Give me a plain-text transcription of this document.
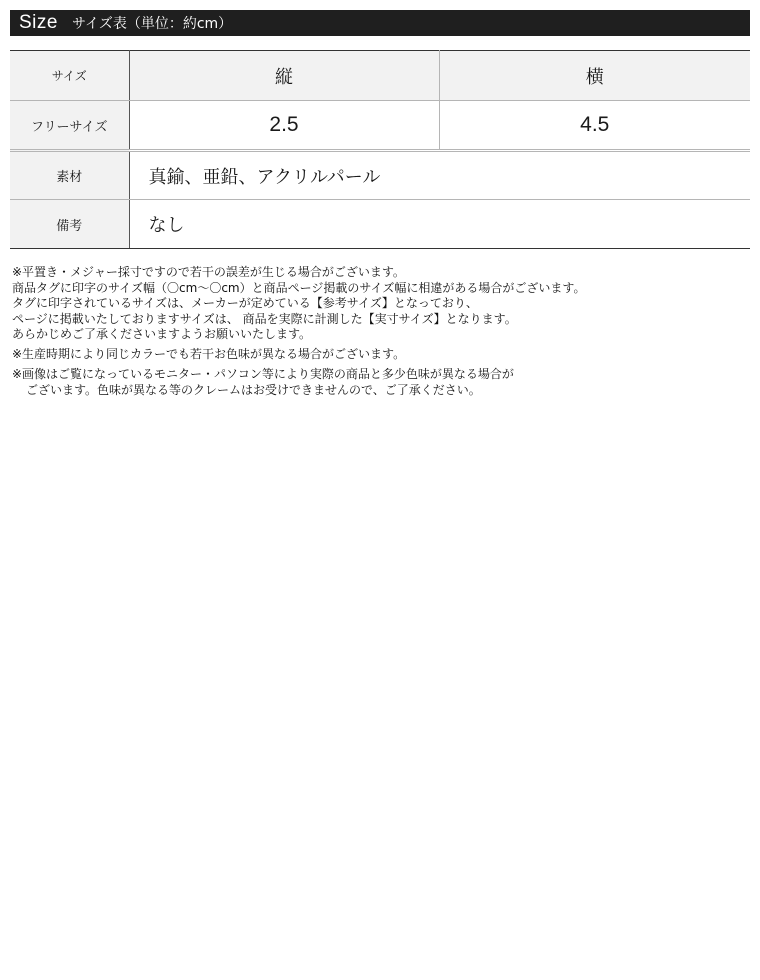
Size サイズ表（単位：約cm）
サイズ	縦	横
フリーサイズ	2.5	4.5
素材	真鍮、亜鉛、アクリルパール	
備考	なし	
※平置き・メジャー採寸ですので若干の誤差が生じる場合がございます。
商品タグに印字のサイズ幅（〇cm〜〇cm）と商品ページ掲載のサイズ幅に相違がある場合がございます。
タグに印字されているサイズは、メーカーが定めている【参考サイズ】となっており、
ページに掲載いたしておりますサイズは、 商品を実際に計測した【実寸サイズ】となります。
あらかじめご了承くださいますようお願いいたします。
※生産時期により同じカラーでも若干お色味が異なる場合がございます。
※画像はご覧になっているモニター・パソコン等により実際の商品と多少色味が異なる場合が
ございます。色味が異なる等のクレームはお受けできませんので、ご了承ください。
